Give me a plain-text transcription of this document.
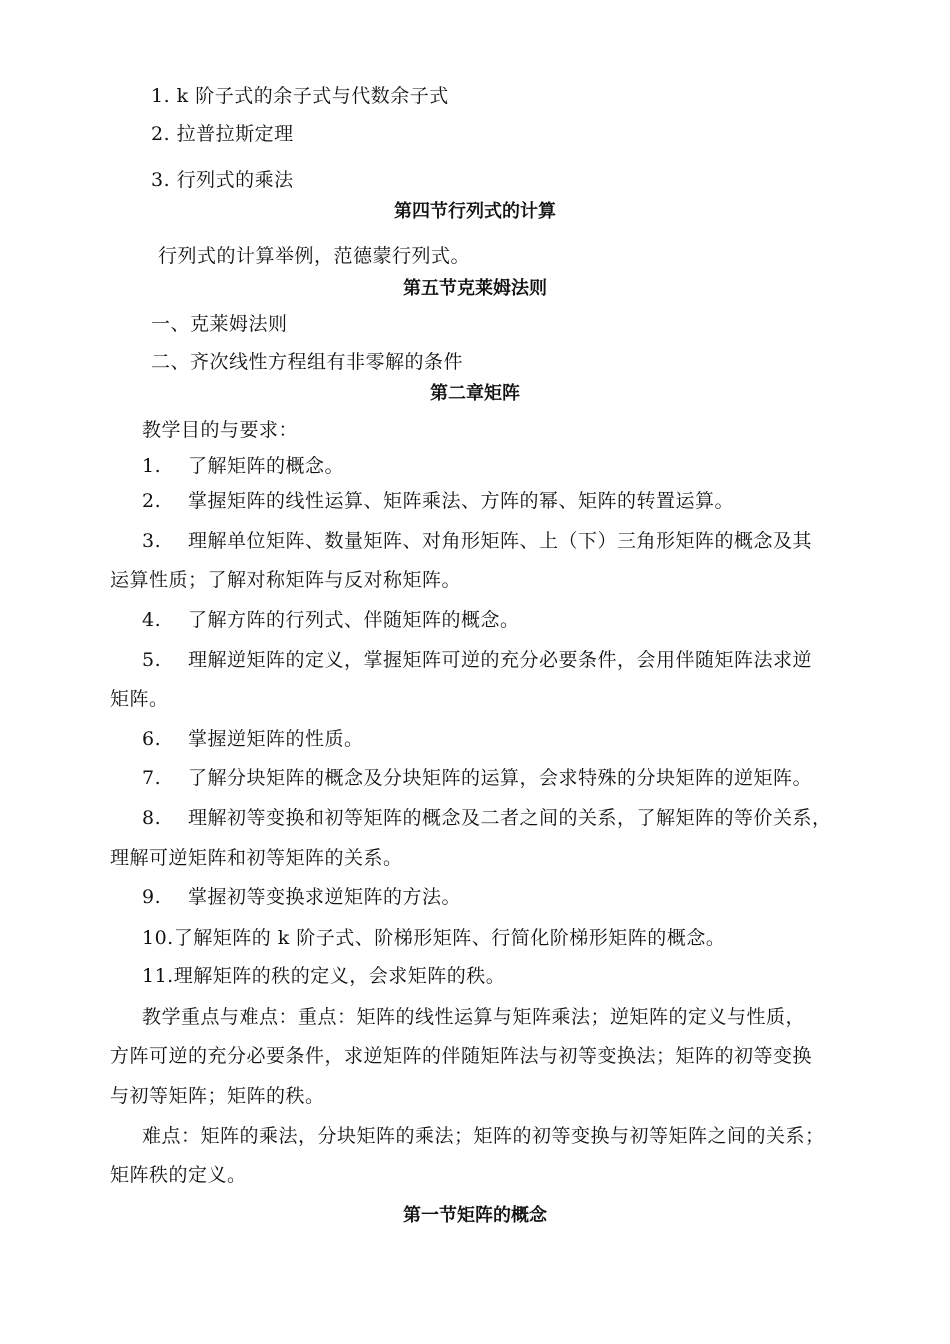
1. k 阶子式的余子式与代数余子式
2. 拉普拉斯定理
3. 行列式的乘法
第四节行列式的计算
行列式的计算举例，范德蒙行列式。
第五节克莱姆法则
一、克莱姆法则
二、齐次线性方程组有非零解的条件
第二章矩阵
教学目的与要求：
1. 了解矩阵的概念。
2. 掌握矩阵的线性运算、矩阵乘法、方阵的幂、矩阵的转置运算。
3. 理解单位矩阵、数量矩阵、对角形矩阵、上（下）三角形矩阵的概念及其
运算性质；了解对称矩阵与反对称矩阵。
4. 了解方阵的行列式、伴随矩阵的概念。
5. 理解逆矩阵的定义，掌握矩阵可逆的充分必要条件，会用伴随矩阵法求逆
矩阵。
6. 掌握逆矩阵的性质。
7. 了解分块矩阵的概念及分块矩阵的运算，会求特殊的分块矩阵的逆矩阵。
8. 理解初等变换和初等矩阵的概念及二者之间的关系，了解矩阵的等价关系，
理解可逆矩阵和初等矩阵的关系。
9. 掌握初等变换求逆矩阵的方法。
10.了解矩阵的 k 阶子式、阶梯形矩阵、行简化阶梯形矩阵的概念。
11.理解矩阵的秩的定义，会求矩阵的秩。
教学重点与难点：重点：矩阵的线性运算与矩阵乘法；逆矩阵的定义与性质，
方阵可逆的充分必要条件，求逆矩阵的伴随矩阵法与初等变换法；矩阵的初等变换
与初等矩阵；矩阵的秩。
难点：矩阵的乘法，分块矩阵的乘法；矩阵的初等变换与初等矩阵之间的关系；
矩阵秩的定义。
第一节矩阵的概念
